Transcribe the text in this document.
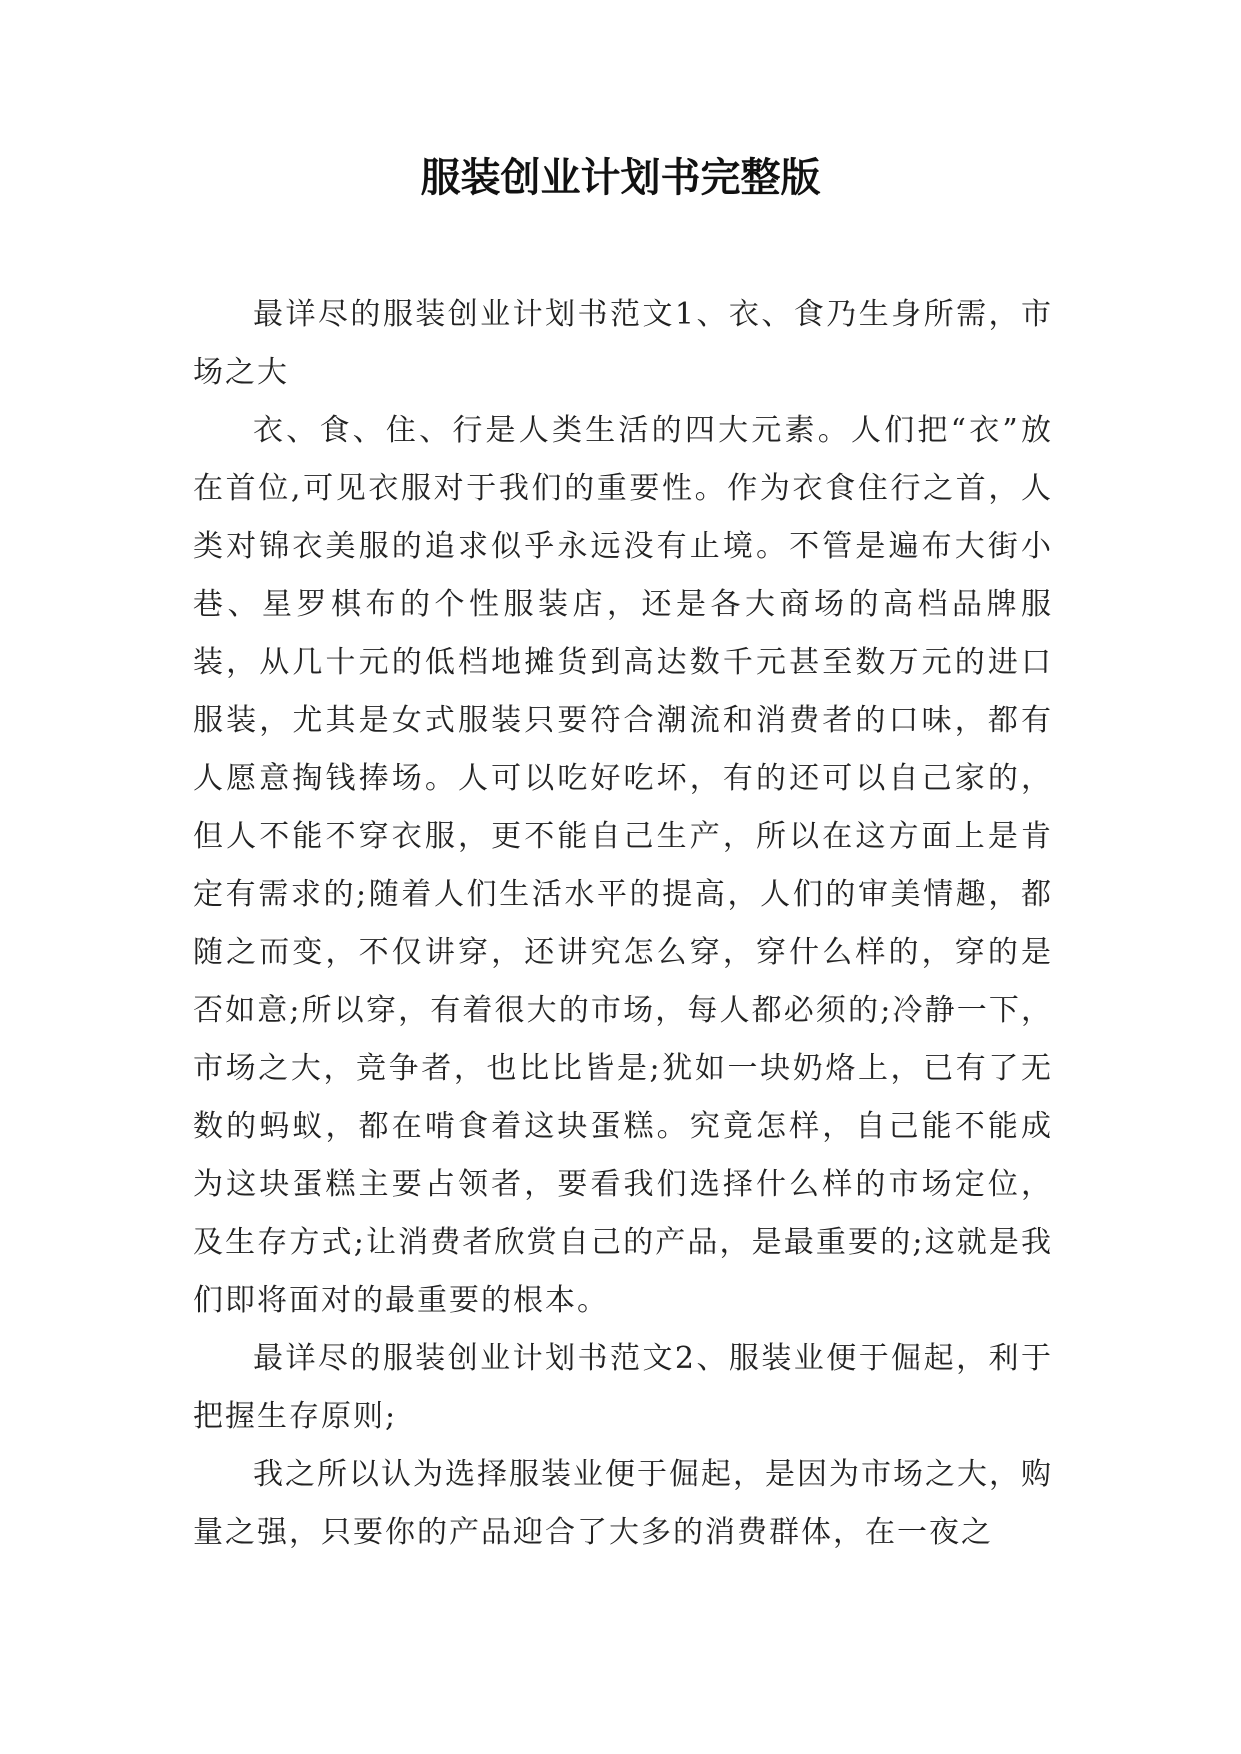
服装创业计划书完整版

最详尽的服装创业计划书范文1、衣、食乃生身所需，市场之大

衣、食、住、行是人类生活的四大元素。人们把“衣”放在首位,可见衣服对于我们的重要性。作为衣食住行之首，人类对锦衣美服的追求似乎永远没有止境。不管是遍布大街小巷、星罗棋布的个性服装店，还是各大商场的高档品牌服装，从几十元的低档地摊货到高达数千元甚至数万元的进口服装，尤其是女式服装只要符合潮流和消费者的口味，都有人愿意掏钱捧场。人可以吃好吃坏，有的还可以自己家的，但人不能不穿衣服，更不能自己生产，所以在这方面上是肯定有需求的;随着人们生活水平的提高，人们的审美情趣，都随之而变，不仅讲穿，还讲究怎么穿，穿什么样的，穿的是否如意;所以穿，有着很大的市场，每人都必须的;冷静一下，市场之大，竞争者，也比比皆是;犹如一块奶烙上，已有了无数的蚂蚁，都在啃食着这块蛋糕。究竟怎样，自己能不能成为这块蛋糕主要占领者，要看我们选择什么样的市场定位，及生存方式;让消费者欣赏自己的产品，是最重要的;这就是我们即将面对的最重要的根本。

最详尽的服装创业计划书范文2、服装业便于倔起，利于把握生存原则;

我之所以认为选择服装业便于倔起，是因为市场之大，购量之强，只要你的产品迎合了大多的消费群体，在一夜之
